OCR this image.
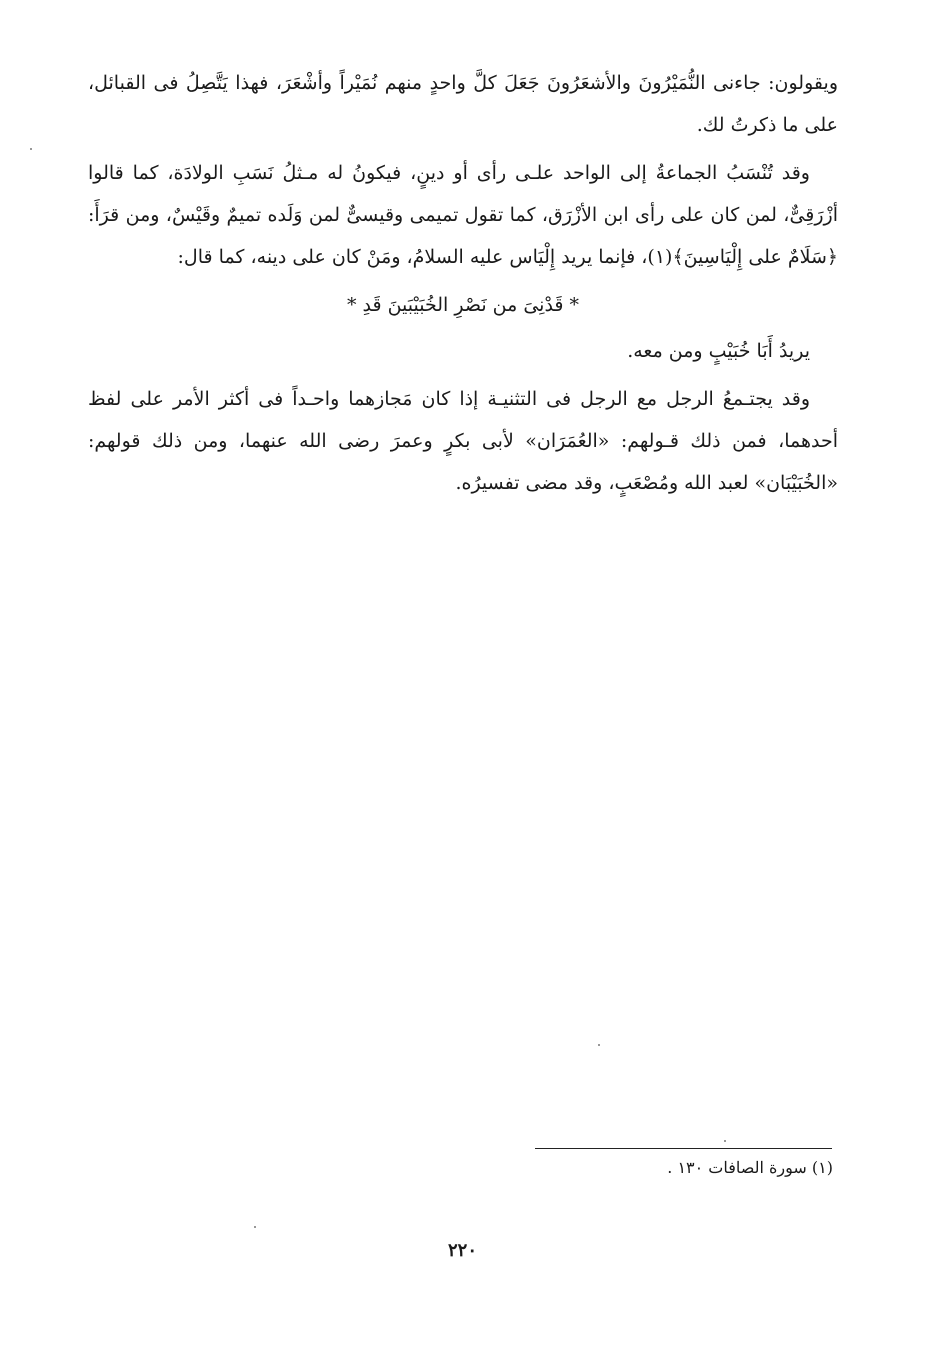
ويقولون: جاءنى النُّمَيْرُونَ والأشعَرُونَ جَعَلَ كلَّ واحدٍ منهم نُمَيْراً وأشْعَرَ، فهذا يَتَّصِلُ فى القبائل، على ما ذكرتُ لك.

وقد تُنْسَبُ الجماعةُ إلى الواحد علـى رأى أو دينٍ، فيكونُ له مـثلُ نَسَبِ الولادَة، كما قالوا أزْرَقِىٌّ، لمن كان على رأى ابن الأزْرَق، كما تقول تميمى وقيسىٌّ لمن وَلَده تميمٌ وقَيْسٌ، ومن قرَأَ: ﴿سَلَامٌ على إِلْيَاسِينَ﴾(١)، فإنما يريد إِلْيَاس عليه السلامُ، ومَنْ كان على دينه، كما قال:

* قَدْنِىَ من نَصْرِ الخُبَيْبَينَ قَدِ *
يريدُ أَبَا خُبَيْبٍ ومن معه.

وقد يجتـمعُ الرجل مع الرجل فى التثنيـة إذا كان مَجازهما واحـداً فى أكثر الأمر على لفظ أحدهما، فمن ذلك قـولهم: «العُمَرَان» لأبى بكرٍ وعمرَ رضى الله عنهما، ومن ذلك قولهم: «الخُبَيْبَان» لعبد الله ومُصْعَبٍ، وقد مضى تفسيرُه.

(١) سورة الصافات ١٣٠ .
٢٢٠
